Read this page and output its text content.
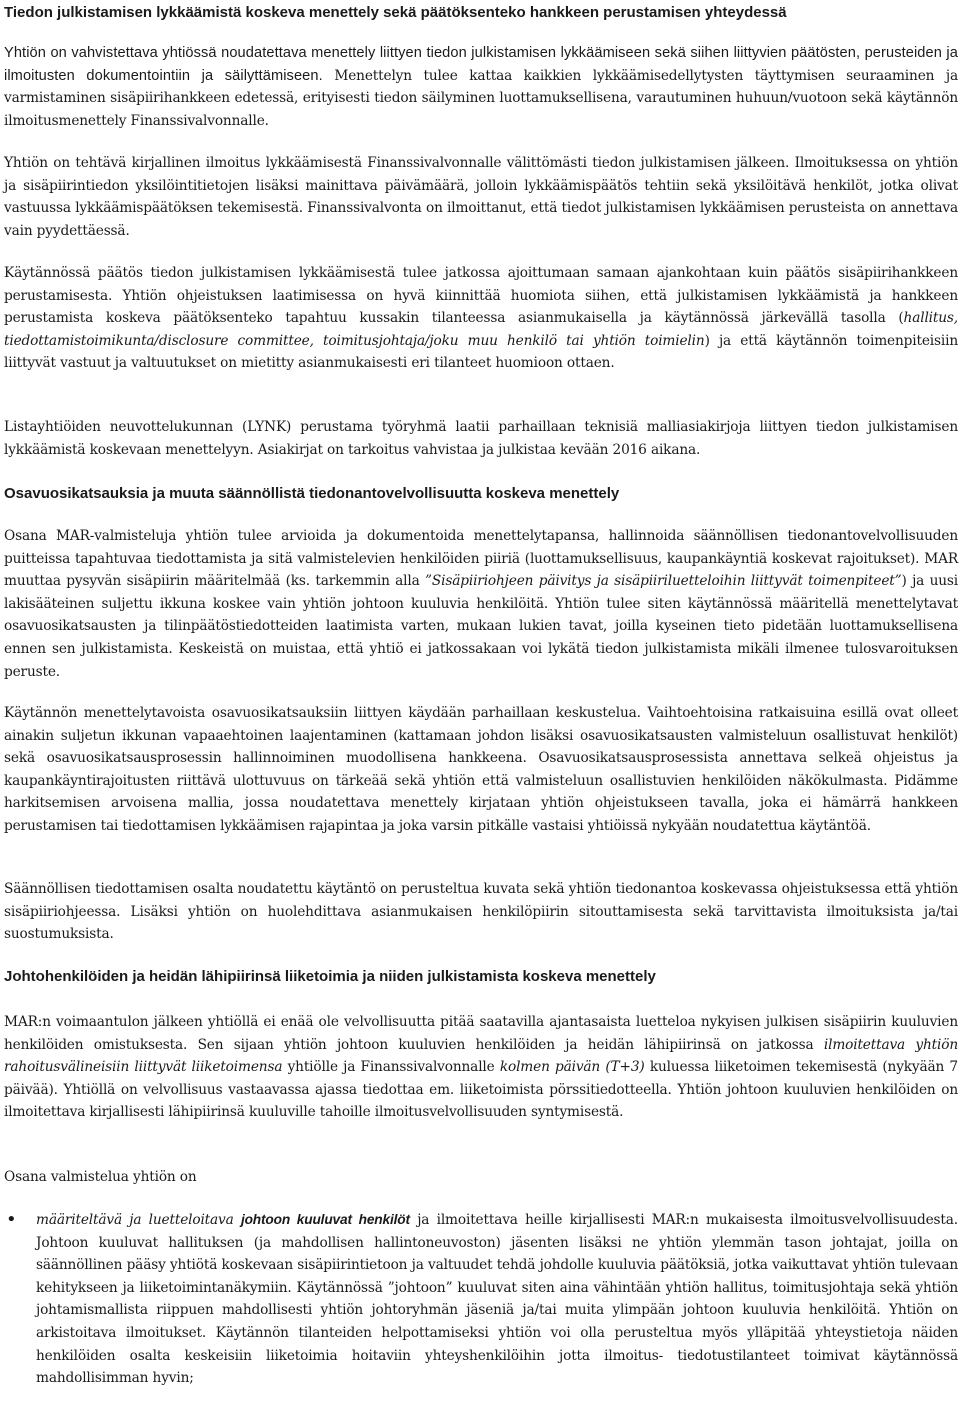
Tiedon julkistamisen lykkäämistä koskeva menettely sekä päätöksenteko hankkeen perustamisen yhteydessä

Yhtiön on vahvistettava yhtiössä noudatettava menettely liittyen tiedon julkistamisen lykkäämiseen sekä siihen liittyvien päätösten, perusteiden ja ilmoitusten dokumentointiin ja säilyttämiseen. Menettelyn tulee kattaa kaikkien lykkäämisedellytysten täyttymisen seuraaminen ja varmistaminen sisäpiirihankkeen edetessä, erityisesti tiedon säilyminen luottamuksellisena, varautuminen huhuun/vuotoon sekä käytännön ilmoitusmenettely Finanssivalvonnalle.

Yhtiön on tehtävä kirjallinen ilmoitus lykkäämisestä Finanssivalvonnalle välittömästi tiedon julkistamisen jälkeen. Ilmoituksessa on yhtiön ja sisäpiirintiedon yksilöintitietojen lisäksi mainittava päivämäärä, jolloin lykkäämispäätös tehtiin sekä yksilöitävä henkilöt, jotka olivat vastuussa lykkäämispäätöksen tekemisestä. Finanssivalvonta on ilmoittanut, että tiedot julkistamisen lykkäämisen perusteista on annettava vain pyydettäessä.

Käytännössä päätös tiedon julkistamisen lykkäämisestä tulee jatkossa ajoittumaan samaan ajankohtaan kuin päätös sisäpiirihankkeen perustamisesta. Yhtiön ohjeistuksen laatimisessa on hyvä kiinnittää huomiota siihen, että julkistamisen lykkäämistä ja hankkeen perustamista koskeva päätöksenteko tapahtuu kussakin tilanteessa asianmukaisella ja käytännössä järkevällä tasolla (hallitus, tiedottamistoimikunta/disclosure committee, toimitusjohtaja/joku muu henkilö tai yhtiön toimielin) ja että käytännön toimenpiteisiin liittyvät vastuut ja valtuutukset on mietitty asianmukaisesti eri tilanteet huomioon ottaen.

Listayhtiöiden neuvottelukunnan (LYNK) perustama työryhmä laatii parhaillaan teknisiä malliasiakirjoja liittyen tiedon julkistamisen lykkäämistä koskevaan menettelyyn. Asiakirjat on tarkoitus vahvistaa ja julkistaa kevään 2016 aikana.

Osavuosikatsauksia ja muuta säännöllistä tiedonantovelvollisuutta koskeva menettely

Osana MAR-valmisteluja yhtiön tulee arvioida ja dokumentoida menettelytapansa, hallinnoida säännöllisen tiedonantovelvollisuuden puitteissa tapahtuvaa tiedottamista ja sitä valmistelevien henkilöiden piiriä (luottamuksellisuus, kaupankäyntiä koskevat rajoitukset). MAR muuttaa pysyvän sisäpiirin määritelmää (ks. tarkemmin alla ”Sisäpiiriohjeen päivitys ja sisäpiiriluetteloihin liittyvät toimenpiteet”) ja uusi lakisääteinen suljettu ikkuna koskee vain yhtiön johtoon kuuluvia henkilöitä. Yhtiön tulee siten käytännössä määritellä menettelytavat osavuosikatsausten ja tilinpäätöstiedotteiden laatimista varten, mukaan lukien tavat, joilla kyseinen tieto pidetään luottamuksellisena ennen sen julkistamista. Keskeistä on muistaa, että yhtiö ei jatkossakaan voi lykätä tiedon julkistamista mikäli ilmenee tulosvaroituksen peruste.

Käytännön menettelytavoista osavuosikatsauksiin liittyen käydään parhaillaan keskustelua. Vaihtoehtoisina ratkaisuina esillä ovat olleet ainakin suljetun ikkunan vapaaehtoinen laajentaminen (kattamaan johdon lisäksi osavuosikatsausten valmisteluun osallistuvat henkilöt) sekä osavuosikatsausprosessin hallinnoiminen muodollisena hankkeena. Osavuosikatsausprosessista annettava selkeä ohjeistus ja kaupankäyntirajoitusten riittävä ulottuvuus on tärkeää sekä yhtiön että valmisteluun osallistuvien henkilöiden näkökulmasta. Pidämme harkitsemisen arvoisena mallia, jossa noudatettava menettely kirjataan yhtiön ohjeistukseen tavalla, joka ei hämärrä hankkeen perustamisen tai tiedottamisen lykkäämisen rajapintaa ja joka varsin pitkälle vastaisi yhtiöissä nykyään noudatettua käytäntöä.

Säännöllisen tiedottamisen osalta noudatettu käytäntö on perusteltua kuvata sekä yhtiön tiedonantoa koskevassa ohjeistuksessa että yhtiön sisäpiiriohjeessa. Lisäksi yhtiön on huolehdittava asianmukaisen henkilöpiirin sitouttamisesta sekä tarvittavista ilmoituksista ja/tai suostumuksista.

Johtohenkilöiden ja heidän lähipiirinsä liiketoimia ja niiden julkistamista koskeva menettely

MAR:n voimaantulon jälkeen yhtiöllä ei enää ole velvollisuutta pitää saatavilla ajantasaista luetteloa nykyisen julkisen sisäpiirin kuuluvien henkilöiden omistuksesta. Sen sijaan yhtiön johtoon kuuluvien henkilöiden ja heidän lähipiirinsä on jatkossa ilmoitettava yhtiön rahoitusvälineisiin liittyvät liiketoimensa yhtiölle ja Finanssivalvonnalle kolmen päivän (T+3) kuluessa liiketoimen tekemisestä (nykyään 7 päivää). Yhtiöllä on velvollisuus vastaavassa ajassa tiedottaa em. liiketoimista pörssitiedotteella. Yhtiön johtoon kuuluvien henkilöiden on ilmoitettava kirjallisesti lähipiirinsä kuuluville tahoille ilmoitusvelvollisuuden syntymisestä.

Osana valmistelua yhtiön on

• määriteltävä ja luetteloitava johtoon kuuluvat henkilöt ja ilmoitettava heille kirjallisesti MAR:n mukaisesta ilmoitusvelvollisuudesta. Johtoon kuuluvat hallituksen (ja mahdollisen hallintoneuvoston) jäsenten lisäksi ne yhtiön ylemmän tason johtajat, joilla on säännöllinen pääsy yhtiötä koskevaan sisäpiirintietoon ja valtuudet tehdä johdolle kuuluvia päätöksiä, jotka vaikuttavat yhtiön tulevaan kehitykseen ja liiketoimintanäkymiin. Käytännössä ”johtoon” kuuluvat siten aina vähintään yhtiön hallitus, toimitusjohtaja sekä yhtiön johtamismallista riippuen mahdollisesti yhtiön johtoryhmän jäseniä ja/tai muita ylimpään johtoon kuuluvia henkilöitä. Yhtiön on arkistoitava ilmoitukset. Käytännön tilanteiden helpottamiseksi yhtiön voi olla perusteltua myös ylläpitää yhteystietoja näiden henkilöiden osalta keskeisiin liiketoimia hoitaviin yhteyshenkilöihin jotta ilmoitus- tiedotustilanteet toimivat käytännössä mahdollisimman hyvin;
